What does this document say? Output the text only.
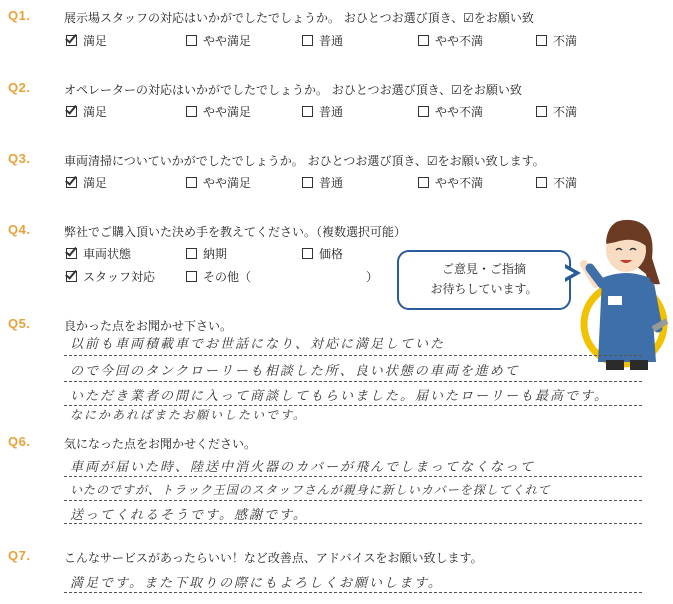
Q1.	展示場スタッフの対応はいかがでしたでしょうか。 おひとつお選び頂き、☑をお願い致
満足	やや満足	普通	やや不満	不満
Q2.	オペレーターの対応はいかがでしたでしょうか。 おひとつお選び頂き、☑をお願い致
満足	やや満足	普通	やや不満	不満
Q3.	車両清掃についていかがでしたでしょうか。 おひとつお選び頂き、☑をお願い致します。
満足	やや満足	普通	やや不満	不満
Q4.	弊社でご購入頂いた決め手を教えてください。（複数選択可能）
車両状態	納期	価格
スタッフ対応	その他（	）
ご意見・ご指摘
お待ちしています。
Q5.	良かった点をお聞かせ下さい。
以前も車両積載車でお世話になり、対応に満足していた
ので今回のタンクローリーも相談した所、良い状態の車両を進めて
いただき業者の間に入って商談してもらいました。届いたローリーも最高です。
なにかあればまたお願いしたいです。
Q6.	気になった点をお聞かせください。
車両が届いた時、陸送中消火器のカバーが飛んでしまってなくなって
いたのですが、トラック王国のスタッフさんが親身に新しいカバーを探してくれて
送ってくれるそうです。感謝です。
Q7.	こんなサービスがあったらいい！など改善点、アドバイスをお願い致します。
満足です。また下取りの際にもよろしくお願いします。
